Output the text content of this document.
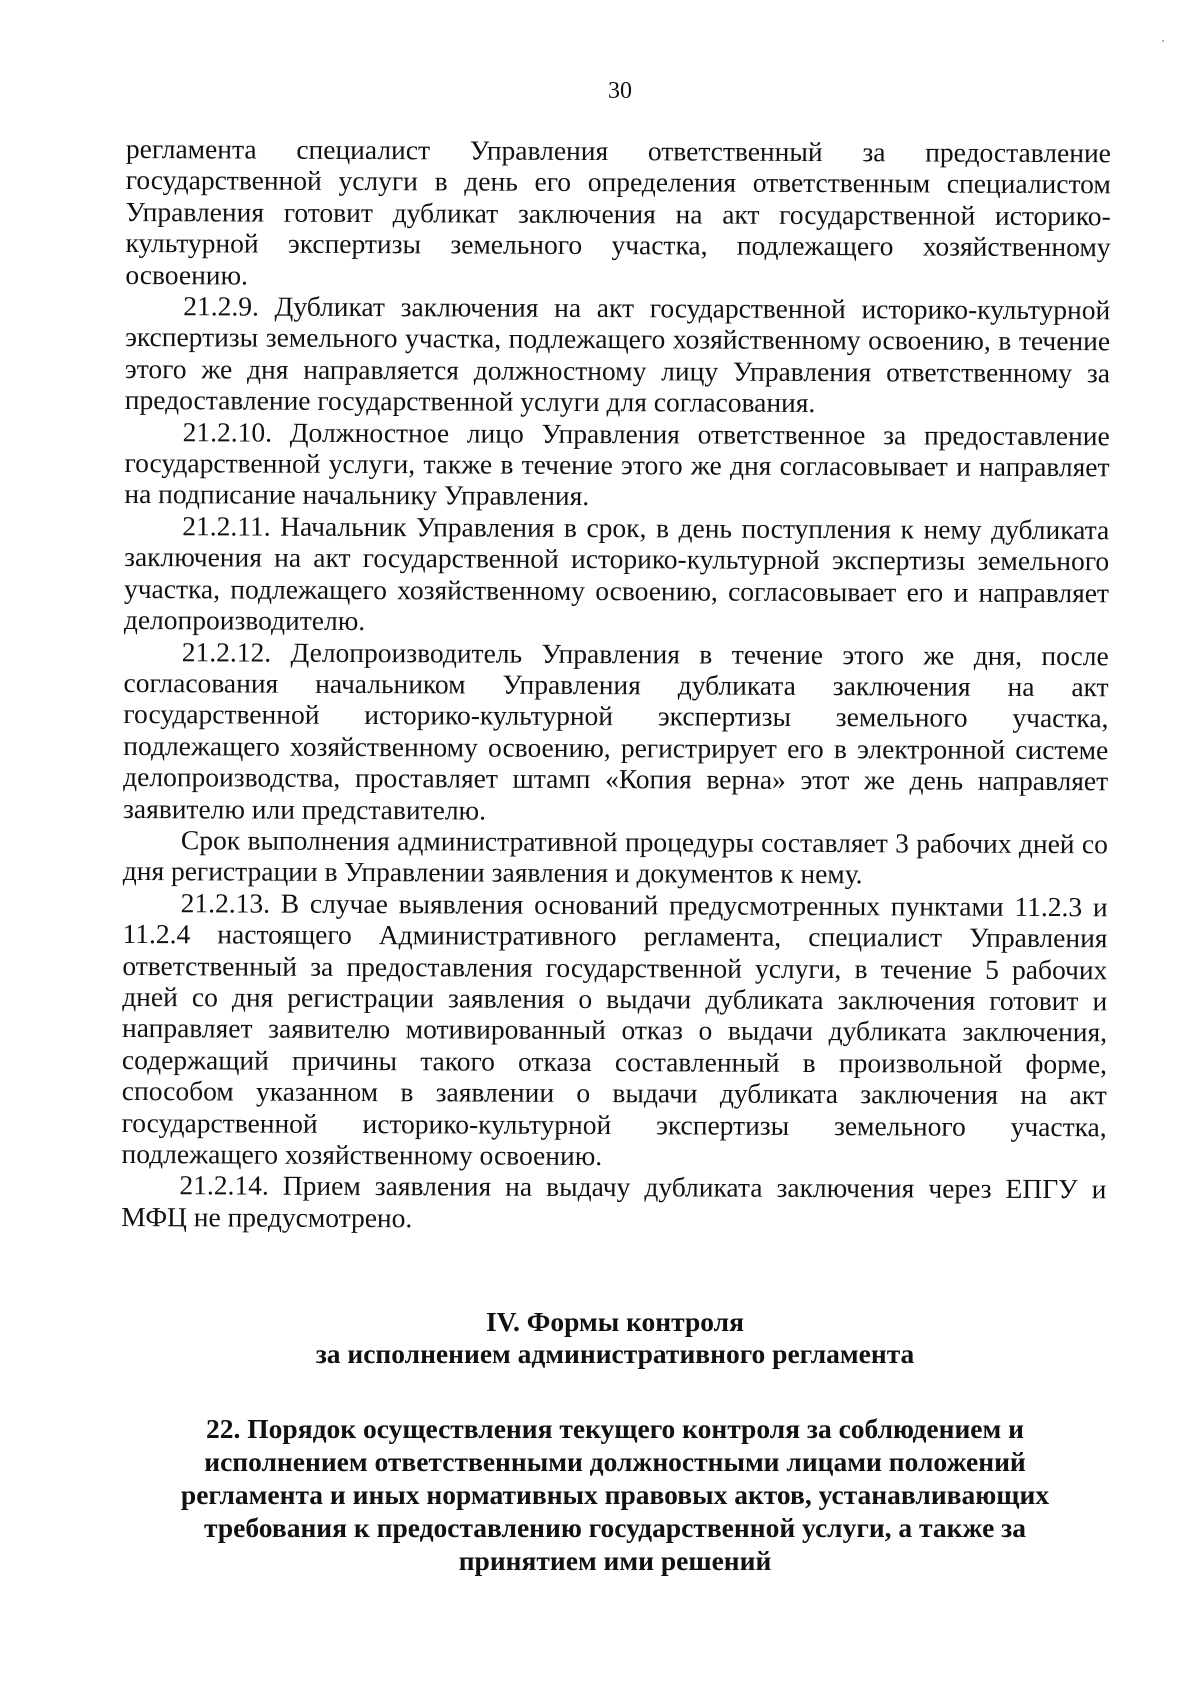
30

регламента специалист Управления ответственный за предоставление государственной услуги в день его определения ответственным специалистом Управления готовит дубликат заключения на акт государственной историко-культурной экспертизы земельного участка, подлежащего хозяйственному освоению.

21.2.9. Дубликат заключения на акт государственной историко-культурной экспертизы земельного участка, подлежащего хозяйственному освоению, в течение этого же дня направляется должностному лицу Управления ответственному за предоставление государственной услуги для согласования.

21.2.10. Должностное лицо Управления ответственное за предоставление государственной услуги, также в течение этого же дня согласовывает и направляет на подписание начальнику Управления.

21.2.11. Начальник Управления в срок, в день поступления к нему дубликата заключения на акт государственной историко-культурной экспертизы земельного участка, подлежащего хозяйственному освоению, согласовывает его и направляет делопроизводителю.

21.2.12. Делопроизводитель Управления в течение этого же дня, после согласования начальником Управления дубликата заключения на акт государственной историко-культурной экспертизы земельного участка, подлежащего хозяйственному освоению, регистрирует его в электронной системе делопроизводства, проставляет штамп «Копия верна» этот же день направляет заявителю или представителю.

Срок выполнения административной процедуры составляет 3 рабочих дней со дня регистрации в Управлении заявления и документов к нему.

21.2.13. В случае выявления оснований предусмотренных пунктами 11.2.3 и 11.2.4 настоящего Административного регламента, специалист Управления ответственный за предоставления государственной услуги, в течение 5 рабочих дней со дня регистрации заявления о выдачи дубликата заключения готовит и направляет заявителю мотивированный отказ о выдачи дубликата заключения, содержащий причины такого отказа составленный в произвольной форме, способом указанном в заявлении о выдачи дубликата заключения на акт государственной историко-культурной экспертизы земельного участка, подлежащего хозяйственному освоению.

21.2.14. Прием заявления на выдачу дубликата заключения через ЕПГУ и МФЦ не предусмотрено.

IV. Формы контроля
за исполнением административного регламента
22. Порядок осуществления текущего контроля за соблюдением и
исполнением ответственными должностными лицами положений
регламента и иных нормативных правовых актов, устанавливающих
требования к предоставлению государственной услуги, а также за
принятием ими решений
